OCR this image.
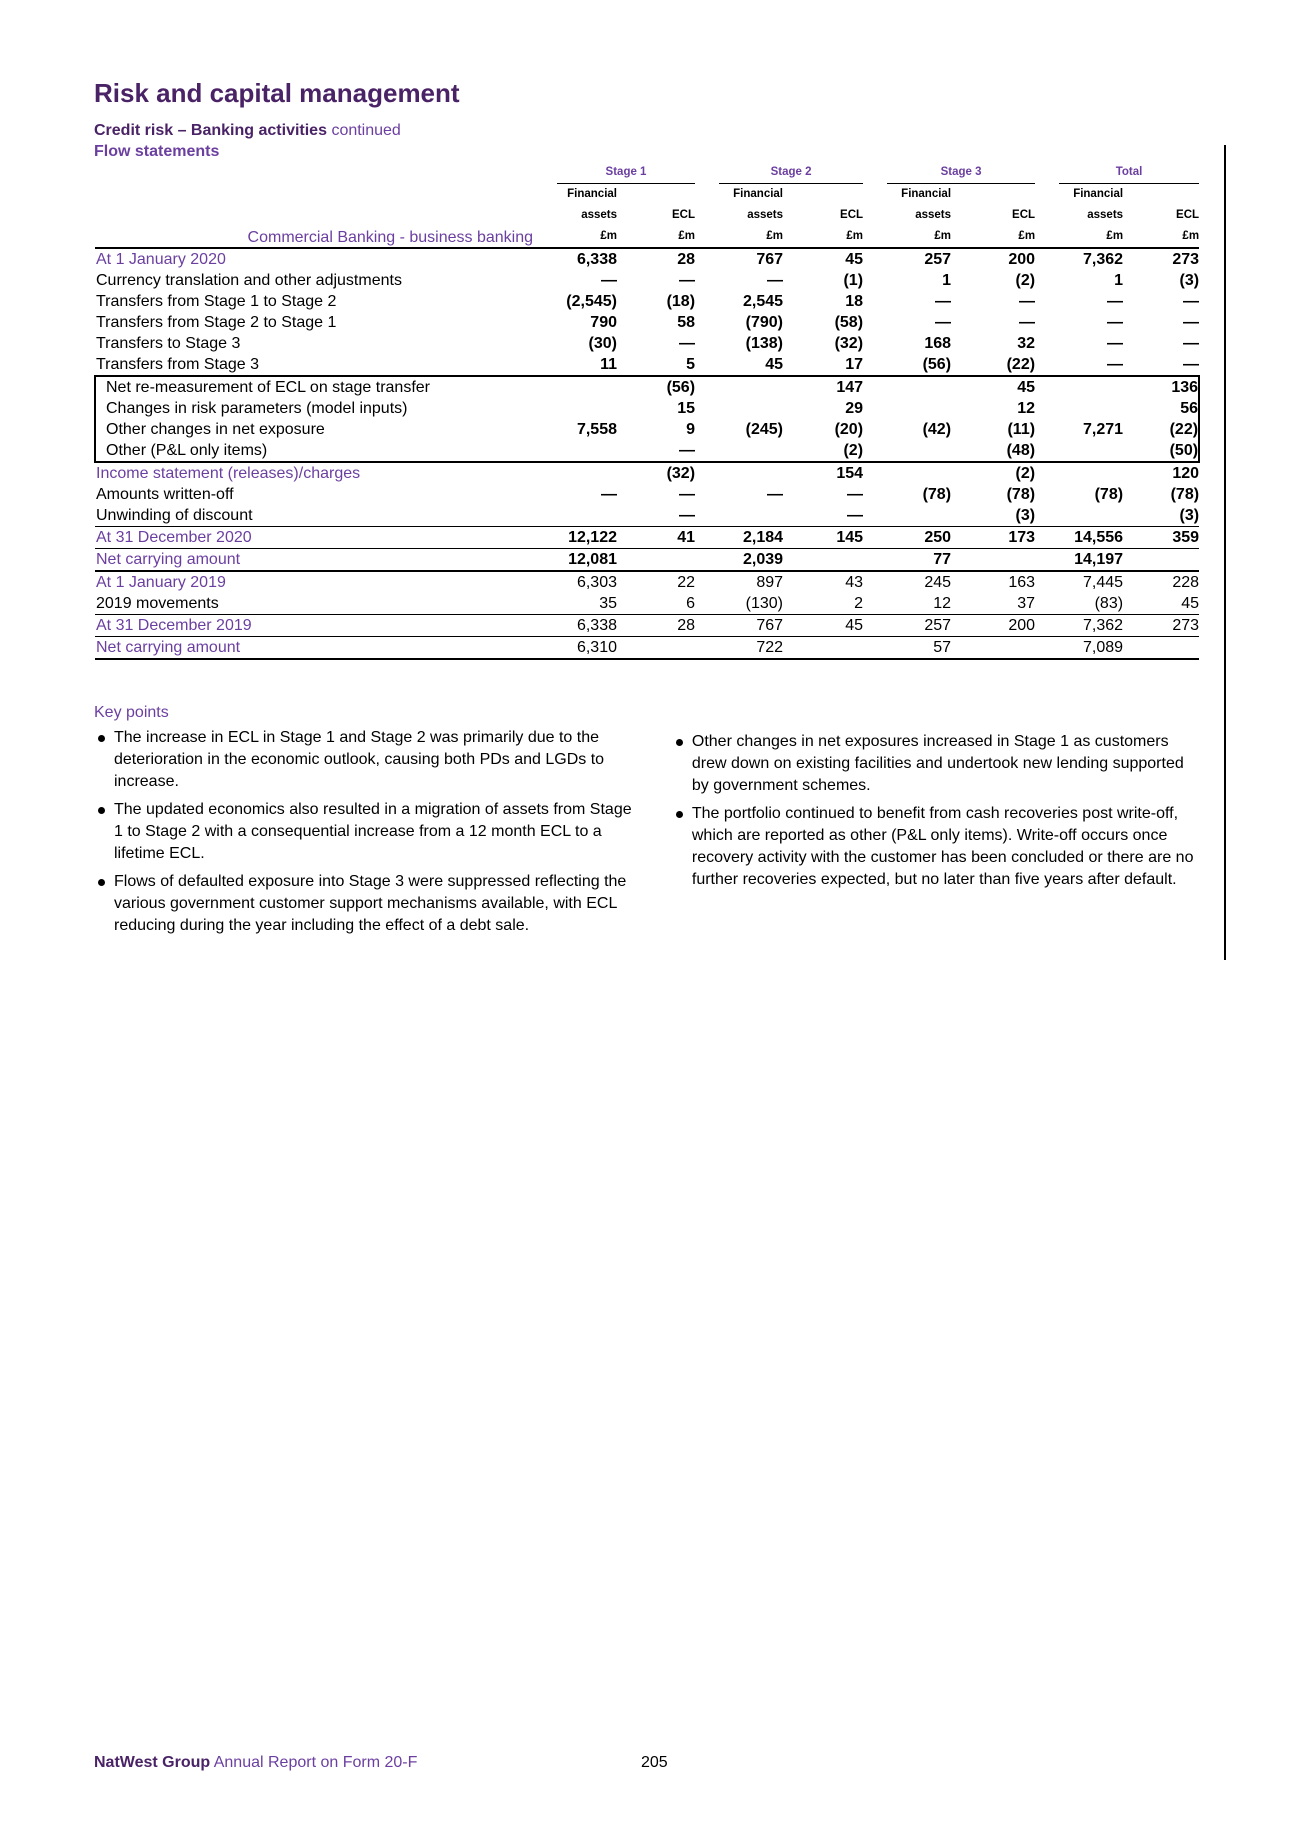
Risk and capital management
Credit risk – Banking activities continued
Flow statements

	Stage 1		Stage 2		Stage 3		Total	

Commercial Banking - business banking	Financial		Financial		Financial		Financial	
	assets	ECL	assets	ECL	assets	ECL	assets	ECL
	£m	£m	£m	£m	£m	£m	£m	£m

At 1 January 2020	6,338	28	767	45	257	200	7,362	273
Currency translation and other adjustments	—	—	—	(1)	1	(2)	1	(3)
Transfers from Stage 1 to Stage 2	(2,545)	(18)	2,545	18	—	—	—	—
Transfers from Stage 2 to Stage 1	790	58	(790)	(58)	—	—	—	—
Transfers to Stage 3	(30)	—	(138)	(32)	168	32	—	—
Transfers from Stage 3	11	5	45	17	(56)	(22)	—	—
Net re-measurement of ECL on stage transfer		(56)		147		45		136
Changes in risk parameters (model inputs)		15		29		12		56
Other changes in net exposure	7,558	9	(245)	(20)	(42)	(11)	7,271	(22)
Other (P&L only items)		—		(2)		(48)		(50)
Income statement (releases)/charges		(32)		154		(2)		120
Amounts written-off	—	—	—	—	(78)	(78)	(78)	(78)
Unwinding of discount		—		—		(3)		(3)
At 31 December 2020	12,122	41	2,184	145	250	173	14,556	359
Net carrying amount	12,081		2,039		77		14,197	
At 1 January 2019	6,303	22	897	43	245	163	7,445	228
2019 movements	35	6	(130)	2	12	37	(83)	45
At 31 December 2019	6,338	28	767	45	257	200	7,362	273
Net carrying amount	6,310		722		57		7,089	
Key points
The increase in ECL in Stage 1 and Stage 2 was primarily due to the deterioration in the economic outlook, causing both PDs and LGDs to increase.
The updated economics also resulted in a migration of assets from Stage 1 to Stage 2 with a consequential increase from a 12 month ECL to a lifetime ECL.
Flows of defaulted exposure into Stage 3 were suppressed reflecting the various government customer support mechanisms available, with ECL reducing during the year including the effect of a debt sale.
Other changes in net exposures increased in Stage 1 as customers drew down on existing facilities and undertook new lending supported by government schemes.
The portfolio continued to benefit from cash recoveries post write-off, which are reported as other (P&L only items). Write-off occurs once recovery activity with the customer has been concluded or there are no further recoveries expected, but no later than five years after default.
NatWest Group Annual Report on Form 20-F	205
